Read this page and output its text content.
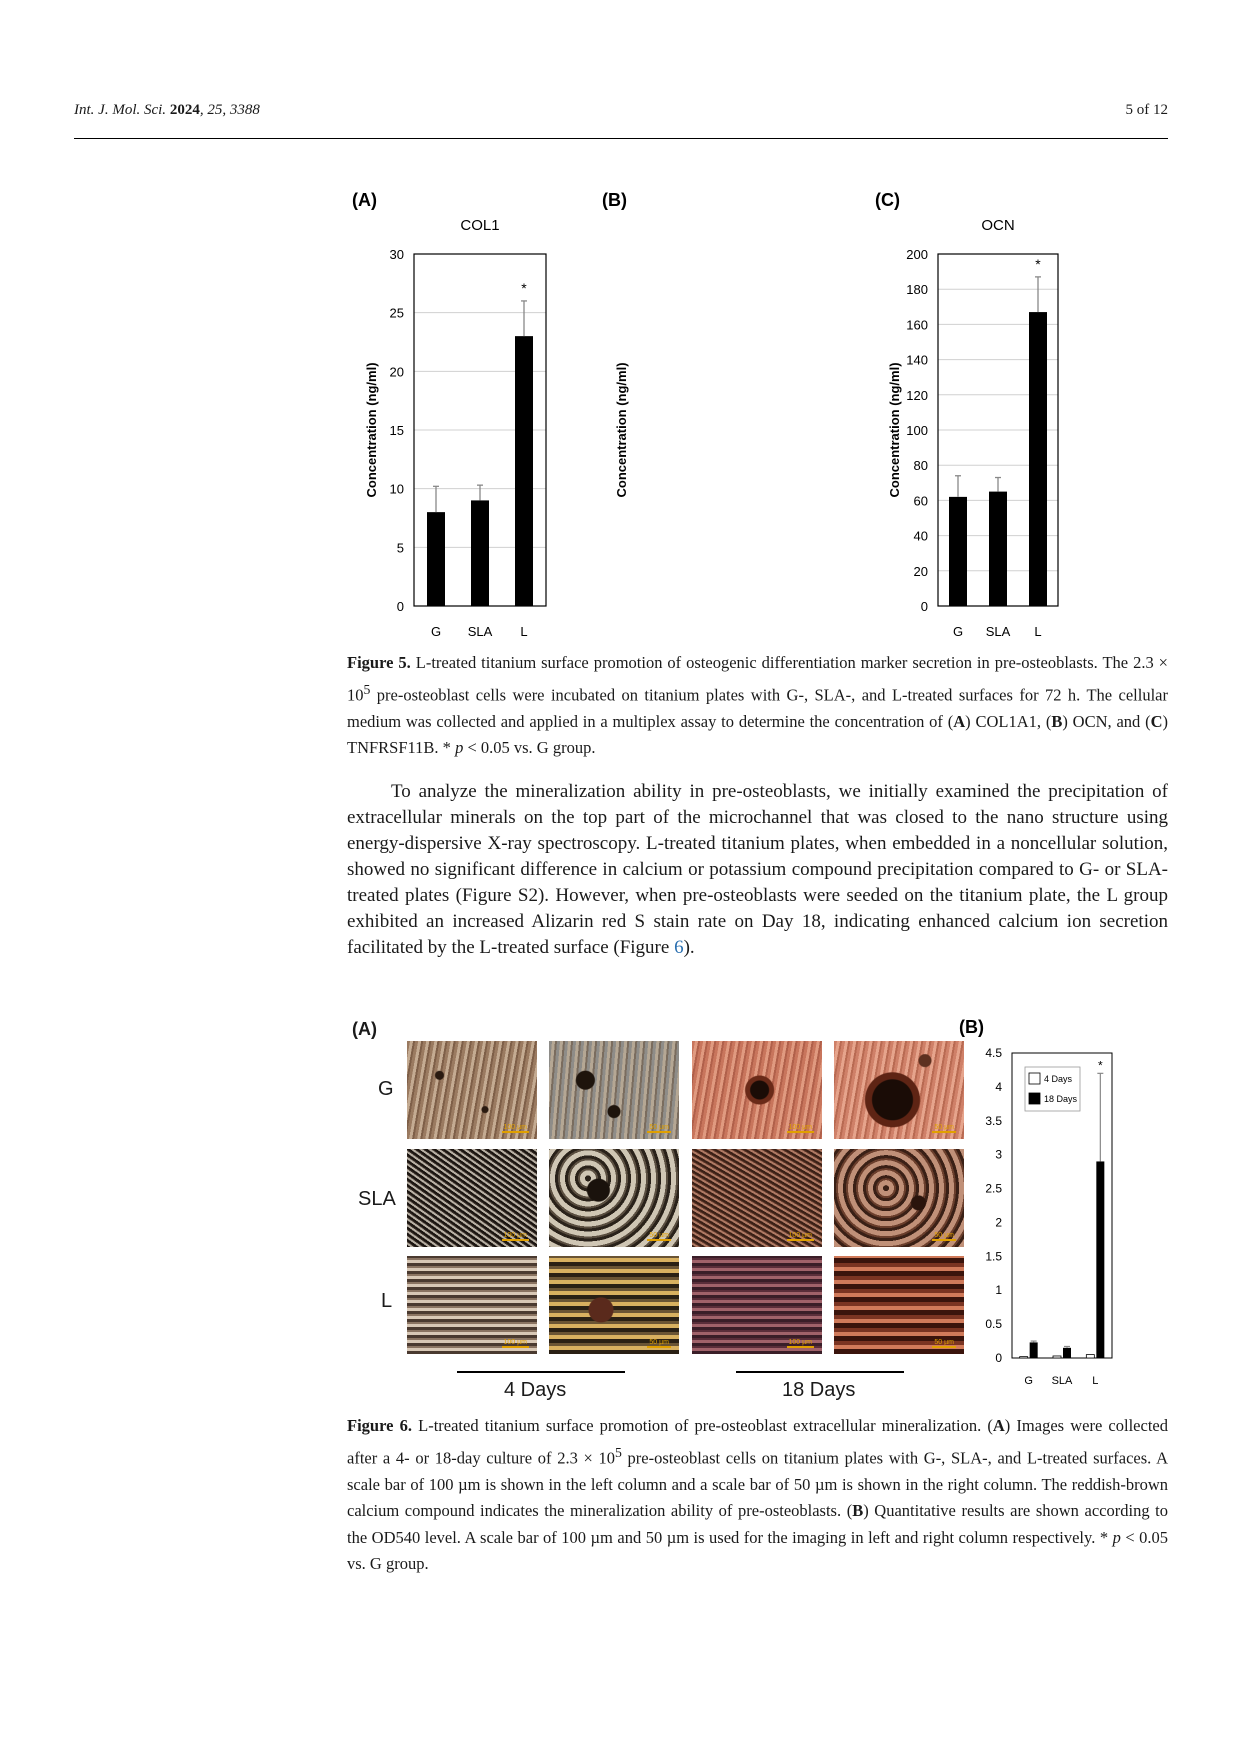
Int. J. Mol. Sci. 2024, 25, 3388	5 of 12
(A)
COL1
0
5
10
15
20
25
30
Concentration (ng/ml)
G SLA
*
L
(B)
OCN
0
20
40
60
80
100
120
140
160
180
200
Concentration (ng/ml)
G SLA
*
L
(C)
Concentration (ng/ml)
Figure 5. L-treated titanium surface promotion of osteogenic differentiation marker secretion in pre-osteoblasts. The $2.3 \times 10^5$ pre-osteoblast cells were incubated on titanium plates with G-, SLA-, and L-treated surfaces for 72 h. The cellular medium was collected and applied in a multiplex assay to determine the concentration of (A) COL1A1, (B) OCN, and (C) TNFRSF11B. * p < 0.05 vs. G group.

To analyze the mineralization ability in pre-osteoblasts, we initially examined the precipitation of extracellular minerals on the top part of the microchannel that was closed to the nano structure using energy-dispersive X-ray spectroscopy. L-treated titanium plates, when embedded in a noncellular solution, showed no significant difference in calcium or potassium compound precipitation compared to G- or SLA-treated plates (Figure S2). However, when pre-osteoblasts were seeded on the titanium plate, the L group exhibited an increased Alizarin red S stain rate on Day 18, indicating enhanced calcium ion secretion facilitated by the L-treated surface (Figure 6).

(A)
G
SLA
L
100 µm	50 µm	100 µm	50 µm
100 µm	50 µm	100 µm	50 µm
100 µm	50 µm	100 µm	50 µm
4 Days	18 Days
(B)
0
0.5
1
1.5
2
2.5
3
3.5
4
4.5
G SLA
*
L
4 Days
18 Days
Figure 6. L-treated titanium surface promotion of pre-osteoblast extracellular mineralization. (A) Images were collected after a 4- or 18-day culture of $2.3 \times 10^5$ pre-osteoblast cells on titanium plates with G-, SLA-, and L-treated surfaces. A scale bar of 100 µm is shown in the left column and a scale bar of 50 µm is shown in the right column. The reddish-brown calcium compound indicates the mineralization ability of pre-osteoblasts. (B) Quantitative results are shown according to the OD540 level. A scale bar of 100 µm and 50 µm is used for the imaging in left and right column respectively. * p < 0.05 vs. G group.
